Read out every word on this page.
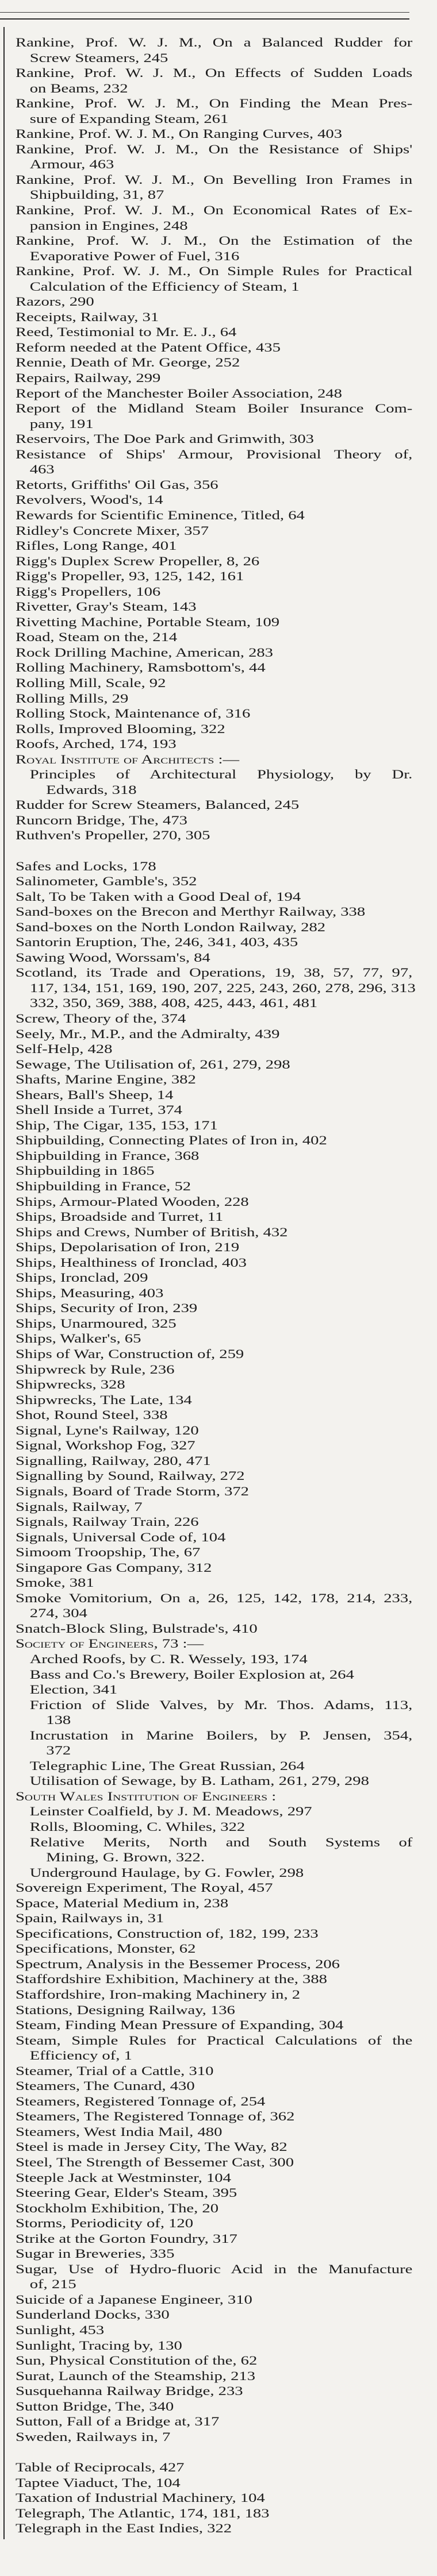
Rankine, Prof. W. J. M., On a Balanced Rudder for
Screw Steamers, 245
Rankine, Prof. W. J. M., On Effects of Sudden Loads
on Beams, 232
Rankine, Prof. W. J. M., On Finding the Mean Pres-
sure of Expanding Steam, 261
Rankine, Prof. W. J. M., On Ranging Curves, 403
Rankine, Prof. W. J. M., On the Resistance of Ships'
Armour, 463
Rankine, Prof. W. J. M., On Bevelling Iron Frames in
Shipbuilding, 31, 87
Rankine, Prof. W. J. M., On Economical Rates of Ex-
pansion in Engines, 248
Rankine, Prof. W. J. M., On the Estimation of the
Evaporative Power of Fuel, 316
Rankine, Prof. W. J. M., On Simple Rules for Practical
Calculation of the Efficiency of Steam, 1
Razors, 290
Receipts, Railway, 31
Reed, Testimonial to Mr. E. J., 64
Reform needed at the Patent Office, 435
Rennie, Death of Mr. George, 252
Repairs, Railway, 299
Report of the Manchester Boiler Association, 248
Report of the Midland Steam Boiler Insurance Com-
pany, 191
Reservoirs, The Doe Park and Grimwith, 303
Resistance of Ships' Armour, Provisional Theory of,
463
Retorts, Griffiths' Oil Gas, 356
Revolvers, Wood's, 14
Rewards for Scientific Eminence, Titled, 64
Ridley's Concrete Mixer, 357
Rifles, Long Range, 401
Rigg's Duplex Screw Propeller, 8, 26
Rigg's Propeller, 93, 125, 142, 161
Rigg's Propellers, 106
Rivetter, Gray's Steam, 143
Rivetting Machine, Portable Steam, 109
Road, Steam on the, 214
Rock Drilling Machine, American, 283
Rolling Machinery, Ramsbottom's, 44
Rolling Mill, Scale, 92
Rolling Mills, 29
Rolling Stock, Maintenance of, 316
Rolls, Improved Blooming, 322
Roofs, Arched, 174, 193
Royal Institute of Architects :—
Principles of Architectural Physiology, by Dr.
Edwards, 318
Rudder for Screw Steamers, Balanced, 245
Runcorn Bridge, The, 473
Ruthven's Propeller, 270, 305
Safes and Locks, 178
Salinometer, Gamble's, 352
Salt, To be Taken with a Good Deal of, 194
Sand-boxes on the Brecon and Merthyr Railway, 338
Sand-boxes on the North London Railway, 282
Santorin Eruption, The, 246, 341, 403, 435
Sawing Wood, Worssam's, 84
Scotland, its Trade and Operations, 19, 38, 57, 77, 97,
117, 134, 151, 169, 190, 207, 225, 243, 260, 278, 296, 313
332, 350, 369, 388, 408, 425, 443, 461, 481
Screw, Theory of the, 374
Seely, Mr., M.P., and the Admiralty, 439
Self-Help, 428
Sewage, The Utilisation of, 261, 279, 298
Shafts, Marine Engine, 382
Shears, Ball's Sheep, 14
Shell Inside a Turret, 374
Ship, The Cigar, 135, 153, 171
Shipbuilding, Connecting Plates of Iron in, 402
Shipbuilding in France, 368
Shipbuilding in 1865
Shipbuilding in France, 52
Ships, Armour-Plated Wooden, 228
Ships, Broadside and Turret, 11
Ships and Crews, Number of British, 432
Ships, Depolarisation of Iron, 219
Ships, Healthiness of Ironclad, 403
Ships, Ironclad, 209
Ships, Measuring, 403
Ships, Security of Iron, 239
Ships, Unarmoured, 325
Ships, Walker's, 65
Ships of War, Construction of, 259
Shipwreck by Rule, 236
Shipwrecks, 328
Shipwrecks, The Late, 134
Shot, Round Steel, 338
Signal, Lyne's Railway, 120
Signal, Workshop Fog, 327
Signalling, Railway, 280, 471
Signalling by Sound, Railway, 272
Signals, Board of Trade Storm, 372
Signals, Railway, 7
Signals, Railway Train, 226
Signals, Universal Code of, 104
Simoom Troopship, The, 67
Singapore Gas Company, 312
Smoke, 381
Smoke Vomitorium, On a, 26, 125, 142, 178, 214, 233,
274, 304
Snatch-Block Sling, Bulstrade's, 410
Society of Engineers, 73 :—
Arched Roofs, by C. R. Wessely, 193, 174
Bass and Co.'s Brewery, Boiler Explosion at, 264
Election, 341
Friction of Slide Valves, by Mr. Thos. Adams, 113,
138
Incrustation in Marine Boilers, by P. Jensen, 354,
372
Telegraphic Line, The Great Russian, 264
Utilisation of Sewage, by B. Latham, 261, 279, 298
South Wales Institution of Engineers :
Leinster Coalfield, by J. M. Meadows, 297
Rolls, Blooming, C. Whiles, 322
Relative Merits, North and South Systems of
Mining, G. Brown, 322.
Underground Haulage, by G. Fowler, 298
Sovereign Experiment, The Royal, 457
Space, Material Medium in, 238
Spain, Railways in, 31
Specifications, Construction of, 182, 199, 233
Specifications, Monster, 62
Spectrum, Analysis in the Bessemer Process, 206
Staffordshire Exhibition, Machinery at the, 388
Staffordshire, Iron-making Machinery in, 2
Stations, Designing Railway, 136
Steam, Finding Mean Pressure of Expanding, 304
Steam, Simple Rules for Practical Calculations of the
Efficiency of, 1
Steamer, Trial of a Cattle, 310
Steamers, The Cunard, 430
Steamers, Registered Tonnage of, 254
Steamers, The Registered Tonnage of, 362
Steamers, West India Mail, 480
Steel is made in Jersey City, The Way, 82
Steel, The Strength of Bessemer Cast, 300
Steeple Jack at Westminster, 104
Steering Gear, Elder's Steam, 395
Stockholm Exhibition, The, 20
Storms, Periodicity of, 120
Strike at the Gorton Foundry, 317
Sugar in Breweries, 335
Sugar, Use of Hydro-fluoric Acid in the Manufacture
of, 215
Suicide of a Japanese Engineer, 310
Sunderland Docks, 330
Sunlight, 453
Sunlight, Tracing by, 130
Sun, Physical Constitution of the, 62
Surat, Launch of the Steamship, 213
Susquehanna Railway Bridge, 233
Sutton Bridge, The, 340
Sutton, Fall of a Bridge at, 317
Sweden, Railways in, 7
Table of Reciprocals, 427
Taptee Viaduct, The, 104
Taxation of Industrial Machinery, 104
Telegraph, The Atlantic, 174, 181, 183
Telegraph in the East Indies, 322
